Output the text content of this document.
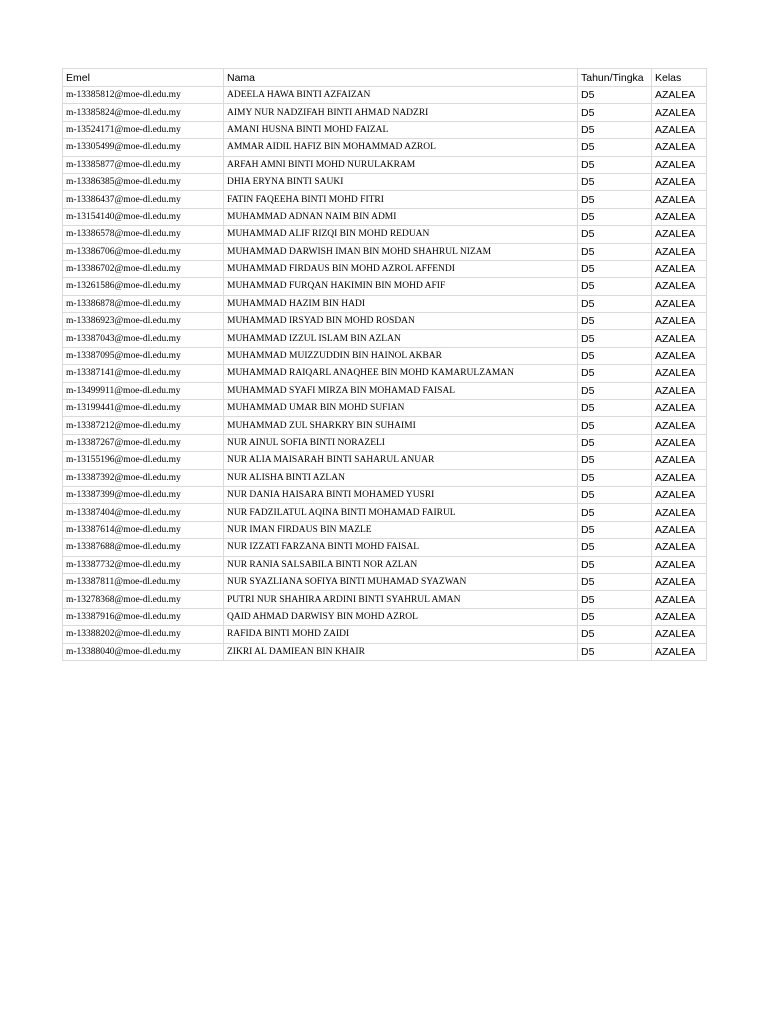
Emel	Nama	Tahun/Tingka	Kelas
m-13385812@moe-dl.edu.my	ADEELA HAWA BINTI AZFAIZAN	D5	AZALEA
m-13385824@moe-dl.edu.my	AIMY NUR NADZIFAH BINTI AHMAD NADZRI	D5	AZALEA
m-13524171@moe-dl.edu.my	AMANI HUSNA BINTI MOHD FAIZAL	D5	AZALEA
m-13305499@moe-dl.edu.my	AMMAR AIDIL HAFIZ BIN MOHAMMAD AZROL	D5	AZALEA
m-13385877@moe-dl.edu.my	ARFAH AMNI BINTI MOHD NURULAKRAM	D5	AZALEA
m-13386385@moe-dl.edu.my	DHIA ERYNA BINTI SAUKI	D5	AZALEA
m-13386437@moe-dl.edu.my	FATIN FAQEEHA BINTI MOHD FITRI	D5	AZALEA
m-13154140@moe-dl.edu.my	MUHAMMAD ADNAN NAIM BIN ADMI	D5	AZALEA
m-13386578@moe-dl.edu.my	MUHAMMAD ALIF RIZQI BIN MOHD REDUAN	D5	AZALEA
m-13386706@moe-dl.edu.my	MUHAMMAD DARWISH IMAN BIN MOHD SHAHRUL NIZAM	D5	AZALEA
m-13386702@moe-dl.edu.my	MUHAMMAD FIRDAUS BIN MOHD AZROL AFFENDI	D5	AZALEA
m-13261586@moe-dl.edu.my	MUHAMMAD FURQAN HAKIMIN BIN MOHD AFIF	D5	AZALEA
m-13386878@moe-dl.edu.my	MUHAMMAD HAZIM BIN HADI	D5	AZALEA
m-13386923@moe-dl.edu.my	MUHAMMAD IRSYAD BIN MOHD ROSDAN	D5	AZALEA
m-13387043@moe-dl.edu.my	MUHAMMAD IZZUL ISLAM BIN AZLAN	D5	AZALEA
m-13387095@moe-dl.edu.my	MUHAMMAD MUIZZUDDIN BIN HAINOL AKBAR	D5	AZALEA
m-13387141@moe-dl.edu.my	MUHAMMAD RAIQARL ANAQHEE BIN MOHD KAMARULZAMAN	D5	AZALEA
m-13499911@moe-dl.edu.my	MUHAMMAD SYAFI MIRZA BIN MOHAMAD FAISAL	D5	AZALEA
m-13199441@moe-dl.edu.my	MUHAMMAD UMAR BIN MOHD SUFIAN	D5	AZALEA
m-13387212@moe-dl.edu.my	MUHAMMAD ZUL SHARKRY BIN SUHAIMI	D5	AZALEA
m-13387267@moe-dl.edu.my	NUR AINUL SOFIA BINTI NORAZELI	D5	AZALEA
m-13155196@moe-dl.edu.my	NUR ALIA MAISARAH BINTI SAHARUL ANUAR	D5	AZALEA
m-13387392@moe-dl.edu.my	NUR ALISHA BINTI AZLAN	D5	AZALEA
m-13387399@moe-dl.edu.my	NUR DANIA HAISARA BINTI MOHAMED YUSRI	D5	AZALEA
m-13387404@moe-dl.edu.my	NUR FADZILATUL AQINA BINTI MOHAMAD FAIRUL	D5	AZALEA
m-13387614@moe-dl.edu.my	NUR IMAN FIRDAUS BIN MAZLE	D5	AZALEA
m-13387688@moe-dl.edu.my	NUR IZZATI FARZANA BINTI MOHD FAISAL	D5	AZALEA
m-13387732@moe-dl.edu.my	NUR RANIA SALSABILA BINTI NOR AZLAN	D5	AZALEA
m-13387811@moe-dl.edu.my	NUR SYAZLIANA SOFIYA BINTI MUHAMAD SYAZWAN	D5	AZALEA
m-13278368@moe-dl.edu.my	PUTRI NUR SHAHIRA ARDINI BINTI SYAHRUL AMAN	D5	AZALEA
m-13387916@moe-dl.edu.my	QAID AHMAD DARWISY BIN MOHD AZROL	D5	AZALEA
m-13388202@moe-dl.edu.my	RAFIDA BINTI MOHD ZAIDI	D5	AZALEA
m-13388040@moe-dl.edu.my	ZIKRI AL DAMIEAN BIN KHAIR	D5	AZALEA
